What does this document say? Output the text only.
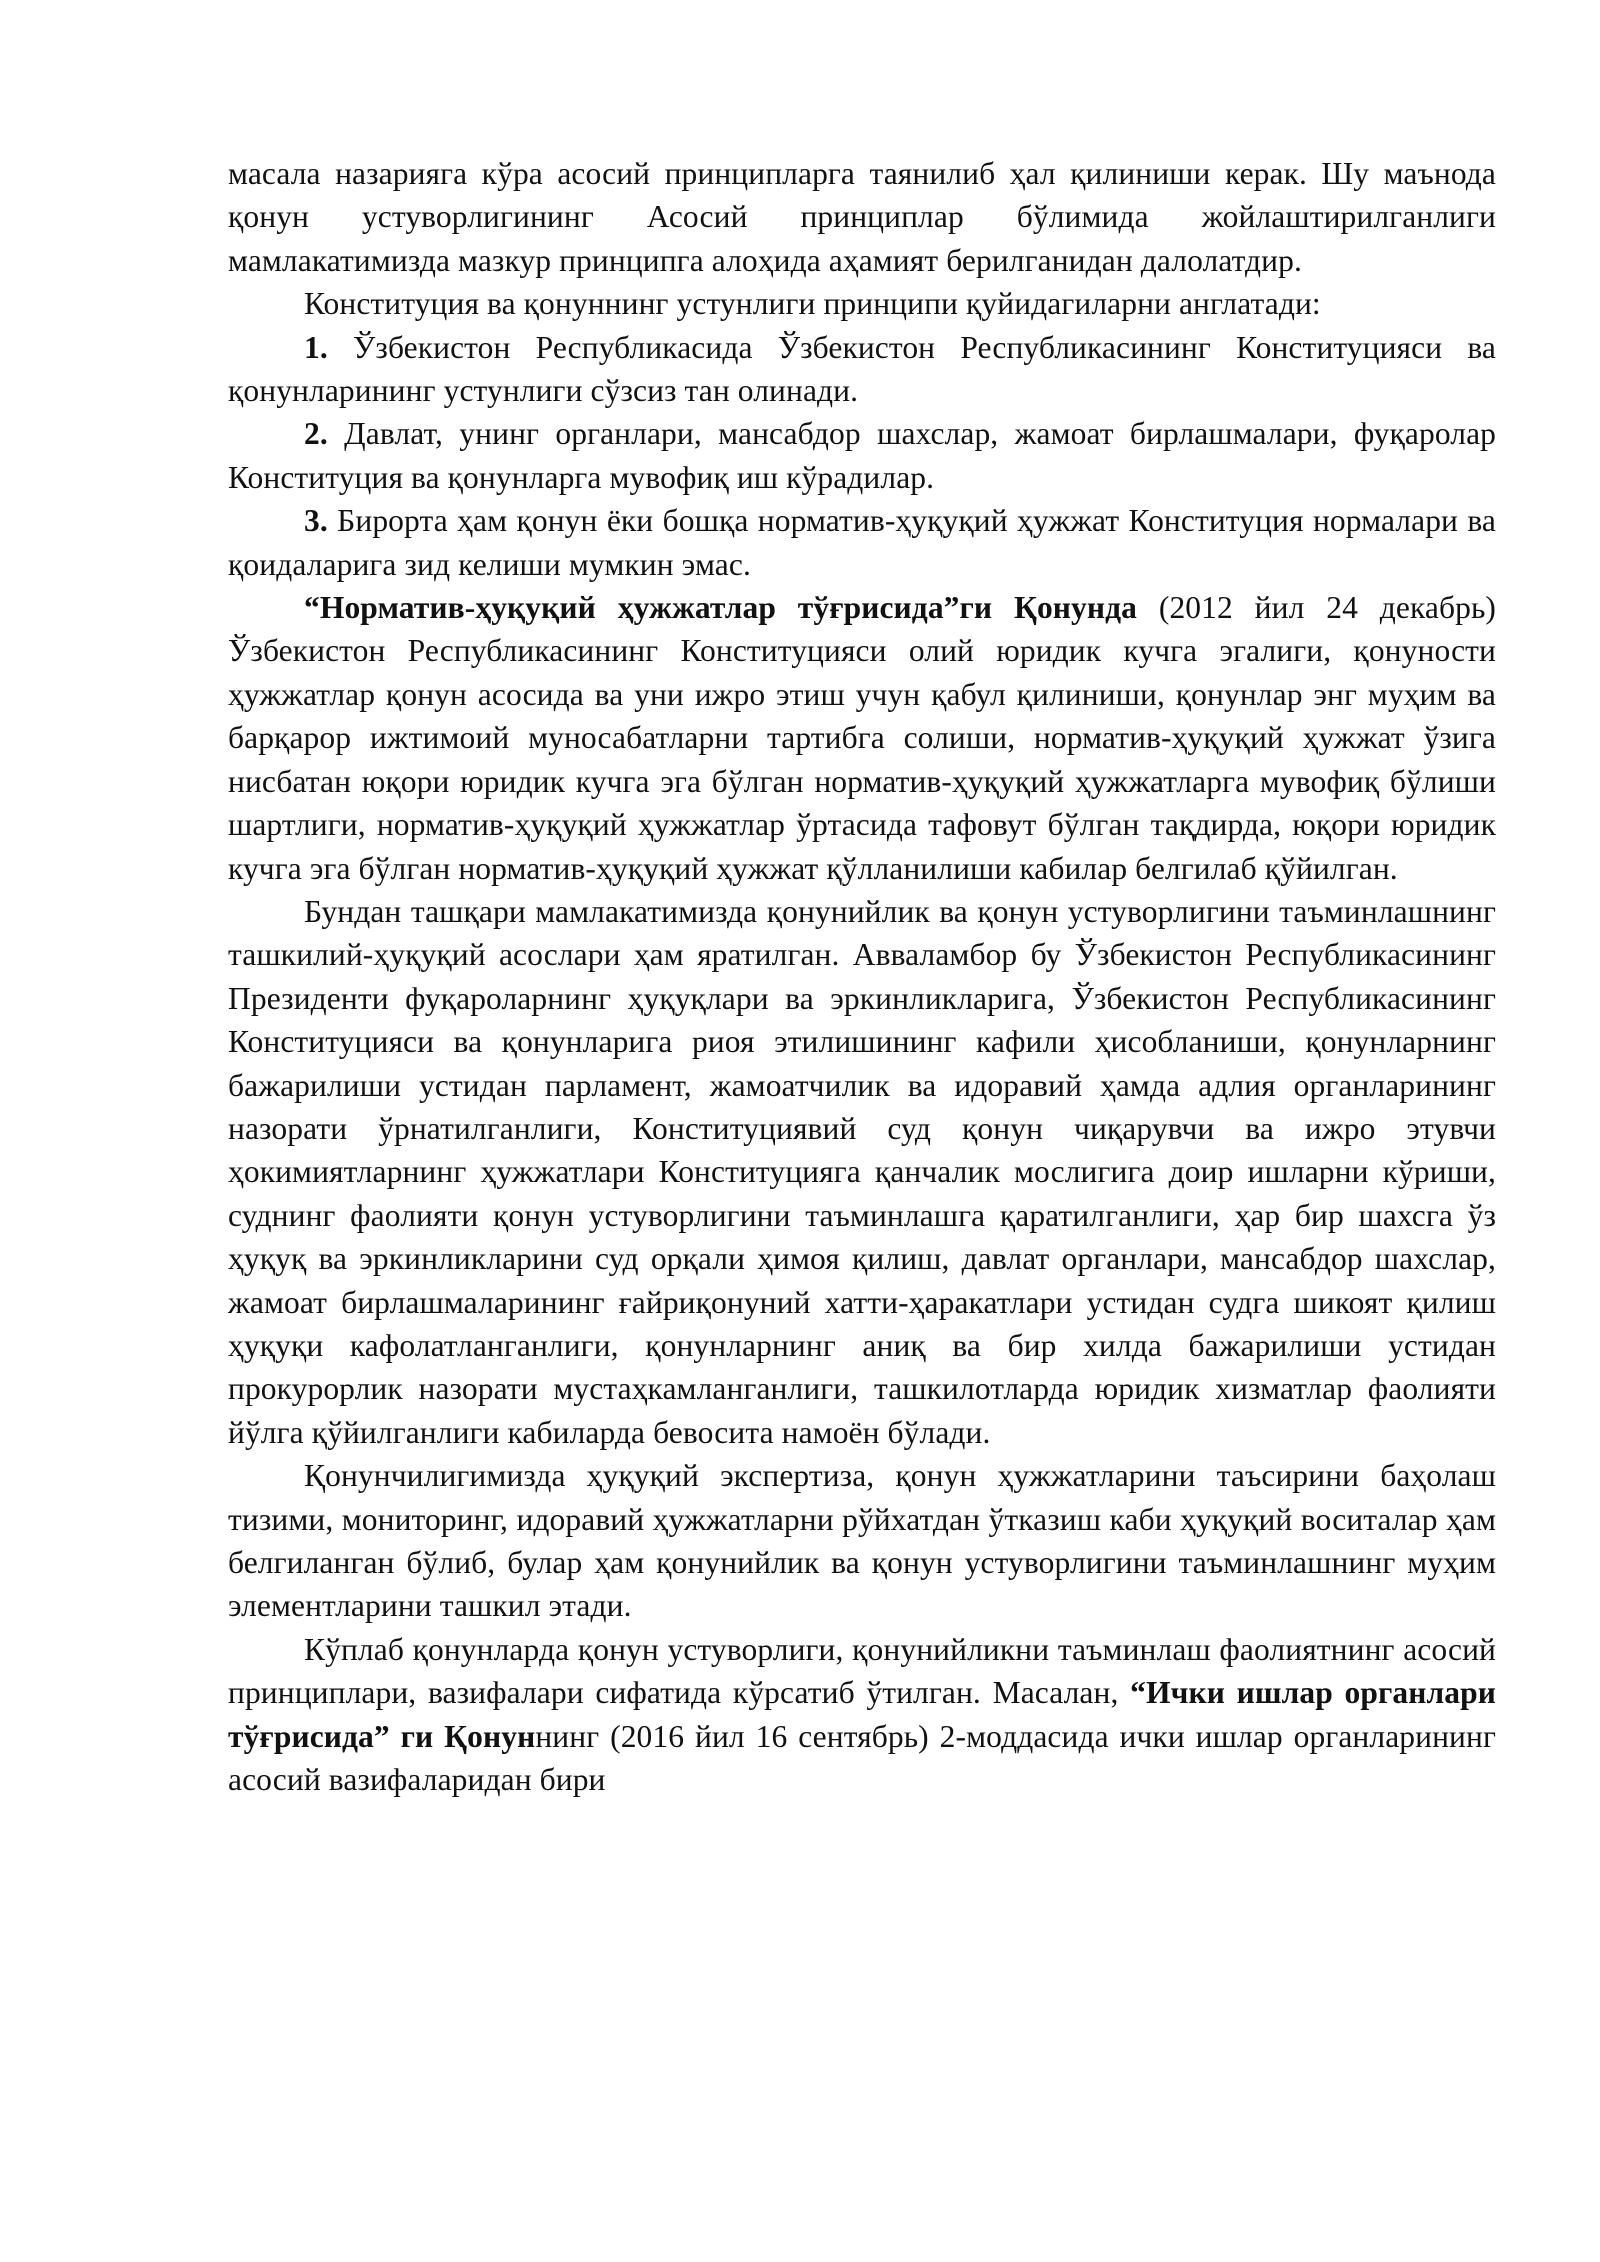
масала назарияга кўра асосий принципларга таянилиб ҳал қилиниши керак. Шу маънода қонун устуворлигининг Асосий принциплар бўлимида жойлаштирилганлиги мамлакатимизда мазкур принципга алоҳида аҳамият берилганидан далолатдир.

Конституция ва қонуннинг устунлиги принципи қуйидагиларни англатади:

1. Ўзбекистон Республикасида Ўзбекистон Республикасининг Конституцияси ва қонунларининг устунлиги сўзсиз тан олинади.

2. Давлат, унинг органлари, мансабдор шахслар, жамоат бирлашмалари, фуқаролар Конституция ва қонунларга мувофиқ иш кўрадилар.

3. Бирорта ҳам қонун ёки бошқа норматив-ҳуқуқий ҳужжат Конституция нормалари ва қоидаларига зид келиши мумкин эмас.

“Норматив-ҳуқуқий ҳужжатлар тўғрисида”ги Қонунда (2012 йил 24 декабрь) Ўзбекистон Республикасининг Конституцияси олий юридик кучга эгалиги, қонуности ҳужжатлар қонун асосида ва уни ижро этиш учун қабул қилиниши, қонунлар энг муҳим ва барқарор ижтимоий муносабатларни тартибга солиши, норматив-ҳуқуқий ҳужжат ўзига нисбатан юқори юридик кучга эга бўлган норматив-ҳуқуқий ҳужжатларга мувофиқ бўлиши шартлиги, норматив-ҳуқуқий ҳужжатлар ўртасида тафовут бўлган тақдирда, юқори юридик кучга эга бўлган норматив-ҳуқуқий ҳужжат қўлланилиши кабилар белгилаб қўйилган.

Бундан ташқари мамлакатимизда қонунийлик ва қонун устуворлигини таъминлашнинг ташкилий-ҳуқуқий асослари ҳам яратилган. Авваламбор бу Ўзбекистон Республикасининг Президенти фуқароларнинг ҳуқуқлари ва эркинликларига, Ўзбекистон Республикасининг Конституцияси ва қонунларига риоя этилишининг кафили ҳисобланиши, қонунларнинг бажарилиши устидан парламент, жамоатчилик ва идоравий ҳамда адлия органларининг назорати ўрнатилганлиги, Конституциявий суд қонун чиқарувчи ва ижро этувчи ҳокимиятларнинг ҳужжатлари Конституцияга қанчалик мослигига доир ишларни кўриши, суднинг фаолияти қонун устуворлигини таъминлашга қаратилганлиги, ҳар бир шахсга ўз ҳуқуқ ва эркинликларини суд орқали ҳимоя қилиш, давлат органлари, мансабдор шахслар, жамоат бирлашмаларининг ғайриқонуний хатти-ҳаракатлари устидан судга шикоят қилиш ҳуқуқи кафолатланганлиги, қонунларнинг аниқ ва бир хилда бажарилиши устидан прокурорлик назорати мустаҳкамланганлиги, ташкилотларда юридик хизматлар фаолияти йўлга қўйилганлиги кабиларда бевосита намоён бўлади.

Қонунчилигимизда ҳуқуқий экспертиза, қонун ҳужжатларини таъсирини баҳолаш тизими, мониторинг, идоравий ҳужжатларни рўйхатдан ўтказиш каби ҳуқуқий воситалар ҳам белгиланган бўлиб, булар ҳам қонунийлик ва қонун устуворлигини таъминлашнинг муҳим элементларини ташкил этади.

Кўплаб қонунларда қонун устуворлиги, қонунийликни таъминлаш фаолиятнинг асосий принциплари, вазифалари сифатида кўрсатиб ўтилган. Масалан, “Ички ишлар органлари тўғрисида” ги Қонуннинг (2016 йил 16 сентябрь) 2-моддасида ички ишлар органларининг асосий вазифаларидан бири
